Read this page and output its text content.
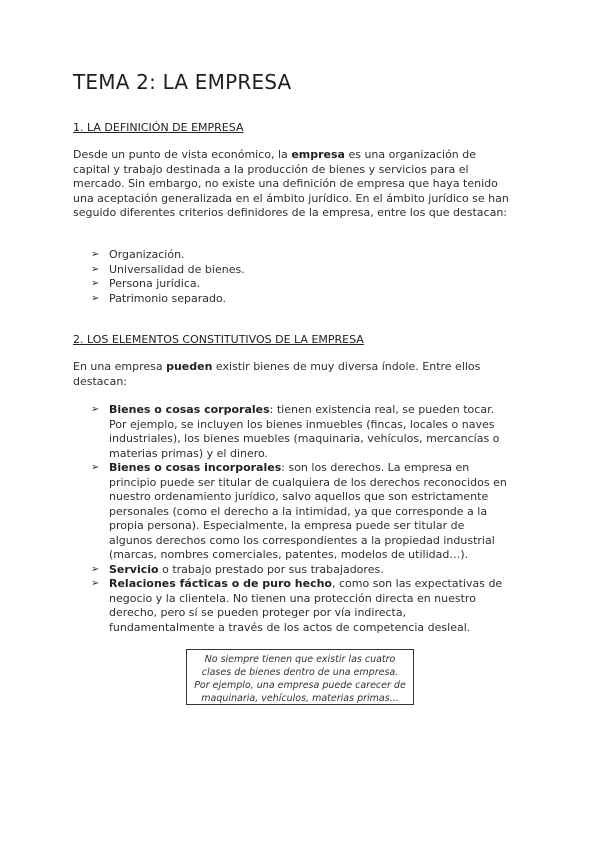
TEMA 2: LA EMPRESA
1. LA DEFINICIÓN DE EMPRESA

Desde un punto de vista económico, la empresa es una organización de capital y trabajo destinada a la producción de bienes y servicios para el mercado. Sin embargo, no existe una definición de empresa que haya tenido una aceptación generalizada en el ámbito jurídico. En el ámbito jurídico se han seguido diferentes criterios definidores de la empresa, entre los que destacan:

➢ Organización.
➢ Universalidad de bienes.
➢ Persona jurídica.
➢ Patrimonio separado.
2. LOS ELEMENTOS CONSTITUTIVOS DE LA EMPRESA

En una empresa pueden existir bienes de muy diversa índole. Entre ellos destacan:

➢ Bienes o cosas corporales: tienen existencia real, se pueden tocar. Por ejemplo, se incluyen los bienes inmuebles (fincas, locales o naves industriales), los bienes muebles (maquinaria, vehículos, mercancías o materias primas) y el dinero.
➢ Bienes o cosas incorporales: son los derechos. La empresa en principio puede ser titular de cualquiera de los derechos reconocidos en nuestro ordenamiento jurídico, salvo aquellos que son estrictamente personales (como el derecho a la intimidad, ya que corresponde a la propia persona). Especialmente, la empresa puede ser titular de algunos derechos como los correspondientes a la propiedad industrial (marcas, nombres comerciales, patentes, modelos de utilidad…).
➢ Servicio o trabajo prestado por sus trabajadores.
➢ Relaciones fácticas o de puro hecho, como son las expectativas de negocio y la clientela. No tienen una protección directa en nuestro derecho, pero sí se pueden proteger por vía indirecta, fundamentalmente a través de los actos de competencia desleal.
No siempre tienen que existir las cuatro
clases de bienes dentro de una empresa.
Por ejemplo, una empresa puede carecer de
maquinaria, vehículos, materias primas...
